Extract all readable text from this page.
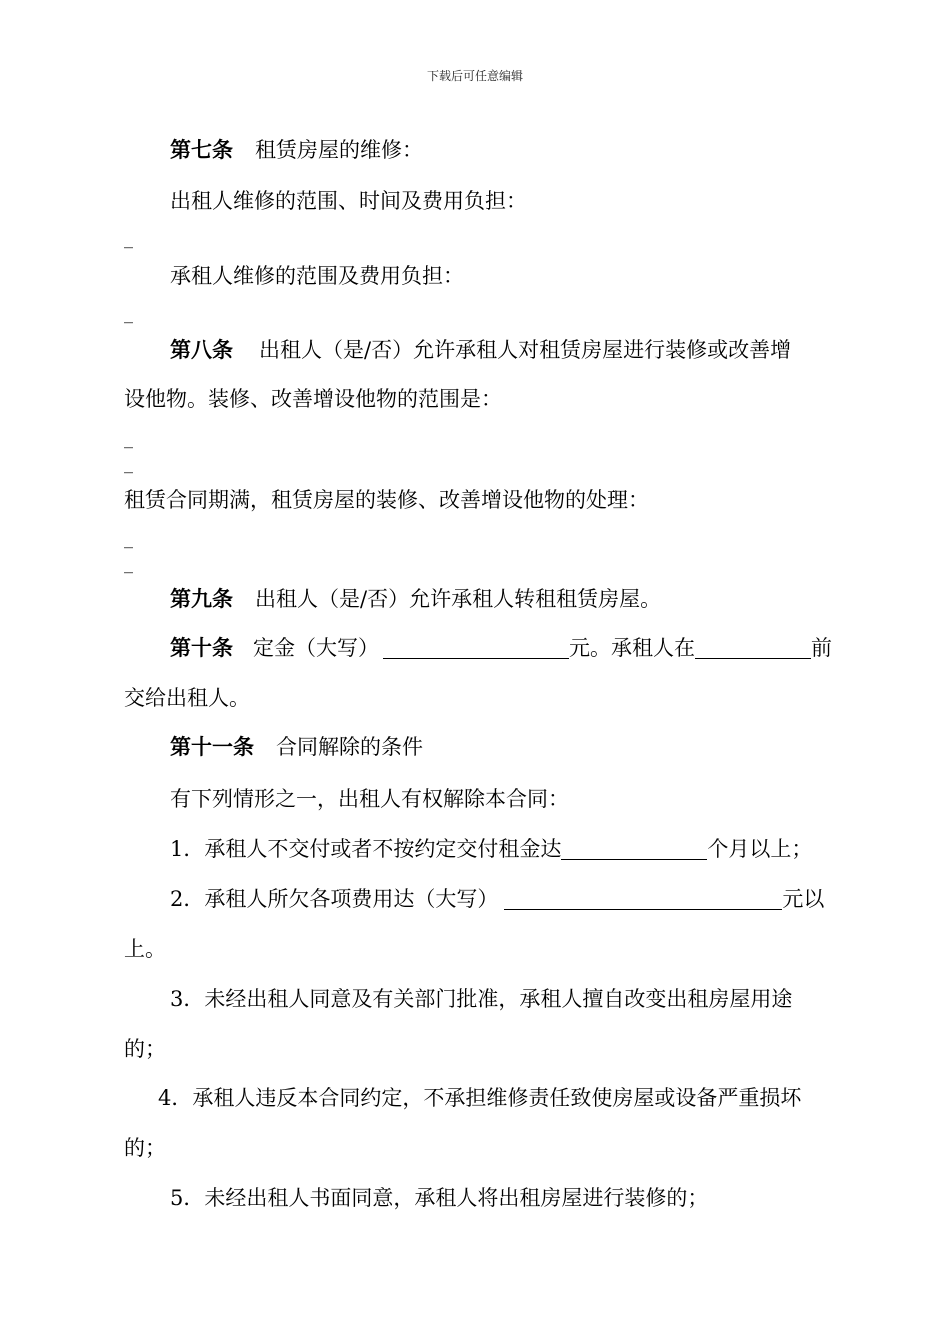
下载后可任意编辑
第七条 租赁房屋的维修：
出租人维修的范围、时间及费用负担：
_
承租人维修的范围及费用负担：
_
第八条 出租人（是/否）允许承租人对租赁房屋进行装修或改善增
设他物。装修、改善增设他物的范围是：
_
_
租赁合同期满，租赁房屋的装修、改善增设他物的处理：
_
_
第九条 出租人（是/否）允许承租人转租租赁房屋。
第十条 定金（大写）	元。承租人在	前
交给出租人。
第十一条 合同解除的条件
有下列情形之一，出租人有权解除本合同：
1．承租人不交付或者不按约定交付租金达	个月以上；
2．承租人所欠各项费用达（大写）	元以
上。
3．未经出租人同意及有关部门批准，承租人擅自改变出租房屋用途
的；
4．承租人违反本合同约定，不承担维修责任致使房屋或设备严重损坏
的；
5．未经出租人书面同意，承租人将出租房屋进行装修的；
